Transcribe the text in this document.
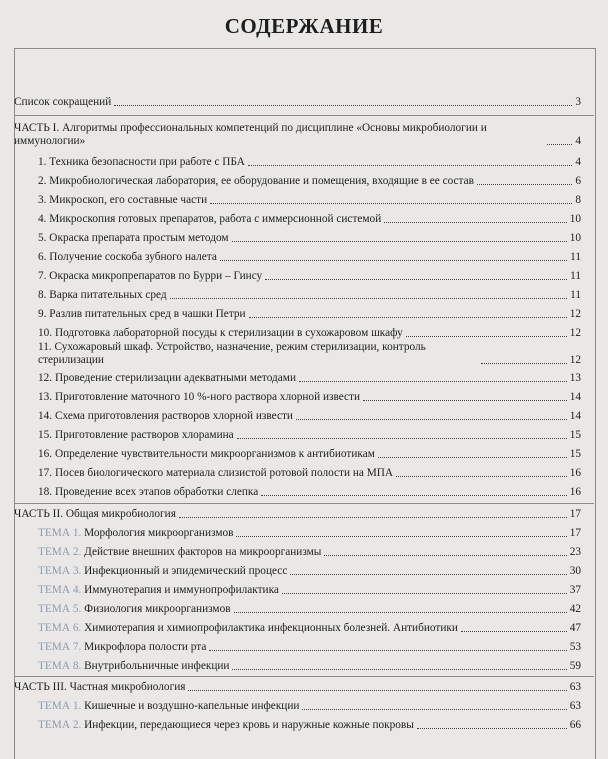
СОДЕРЖАНИЕ
Список сокращений	3
ЧАСТЬ I. Алгоритмы профессиональных компетенций по дисциплине «Основы микробиологии и иммунологии»	4
1. Техника безопасности при работе с ПБА	4
2. Микробиологическая лаборатория, ее оборудование и помещения, входящие в ее состав	6
3. Микроскоп, его составные части	8
4. Микроскопия готовых препаратов, работа с иммерсионной системой	10
5. Окраска препарата простым методом	10
6. Получение соскоба зубного налета	11
7. Окраска микропрепаратов по Бурри – Гинсу	11
8. Варка питательных сред	11
9. Разлив питательных сред в чашки Петри	12
10. Подготовка лабораторной посуды к стерилизации в сухожаровом шкафу	12
11. Сухожаровый шкаф. Устройство, назначение, режим стерилизации, контроль стерилизации	12
12. Проведение стерилизации адекватными методами	13
13. Приготовление маточного 10 %-ного раствора хлорной извести	14
14. Схема приготовления растворов хлорной извести	14
15. Приготовление растворов хлорамина	15
16. Определение чувствительности микроорганизмов к антибиотикам	15
17. Посев биологического материала слизистой ротовой полости на МПА	16
18. Проведение всех этапов обработки слепка	16
ЧАСТЬ II. Общая микробиология	17
ТЕМА 1. Морфология микроорганизмов	17
ТЕМА 2. Действие внешних факторов на микроорганизмы	23
ТЕМА 3. Инфекционный и эпидемический процесс	30
ТЕМА 4. Иммунотерапия и иммунопрофилактика	37
ТЕМА 5. Физиология микроорганизмов	42
ТЕМА 6. Химиотерапия и химиопрофилактика инфекционных болезней. Антибиотики	47
ТЕМА 7. Микрофлора полости рта	53
ТЕМА 8. Внутрибольничные инфекции	59
ЧАСТЬ III. Частная микробиология	63
ТЕМА 1. Кишечные и воздушно-капельные инфекции	63
ТЕМА 2. Инфекции, передающиеся через кровь и наружные кожные покровы	66
